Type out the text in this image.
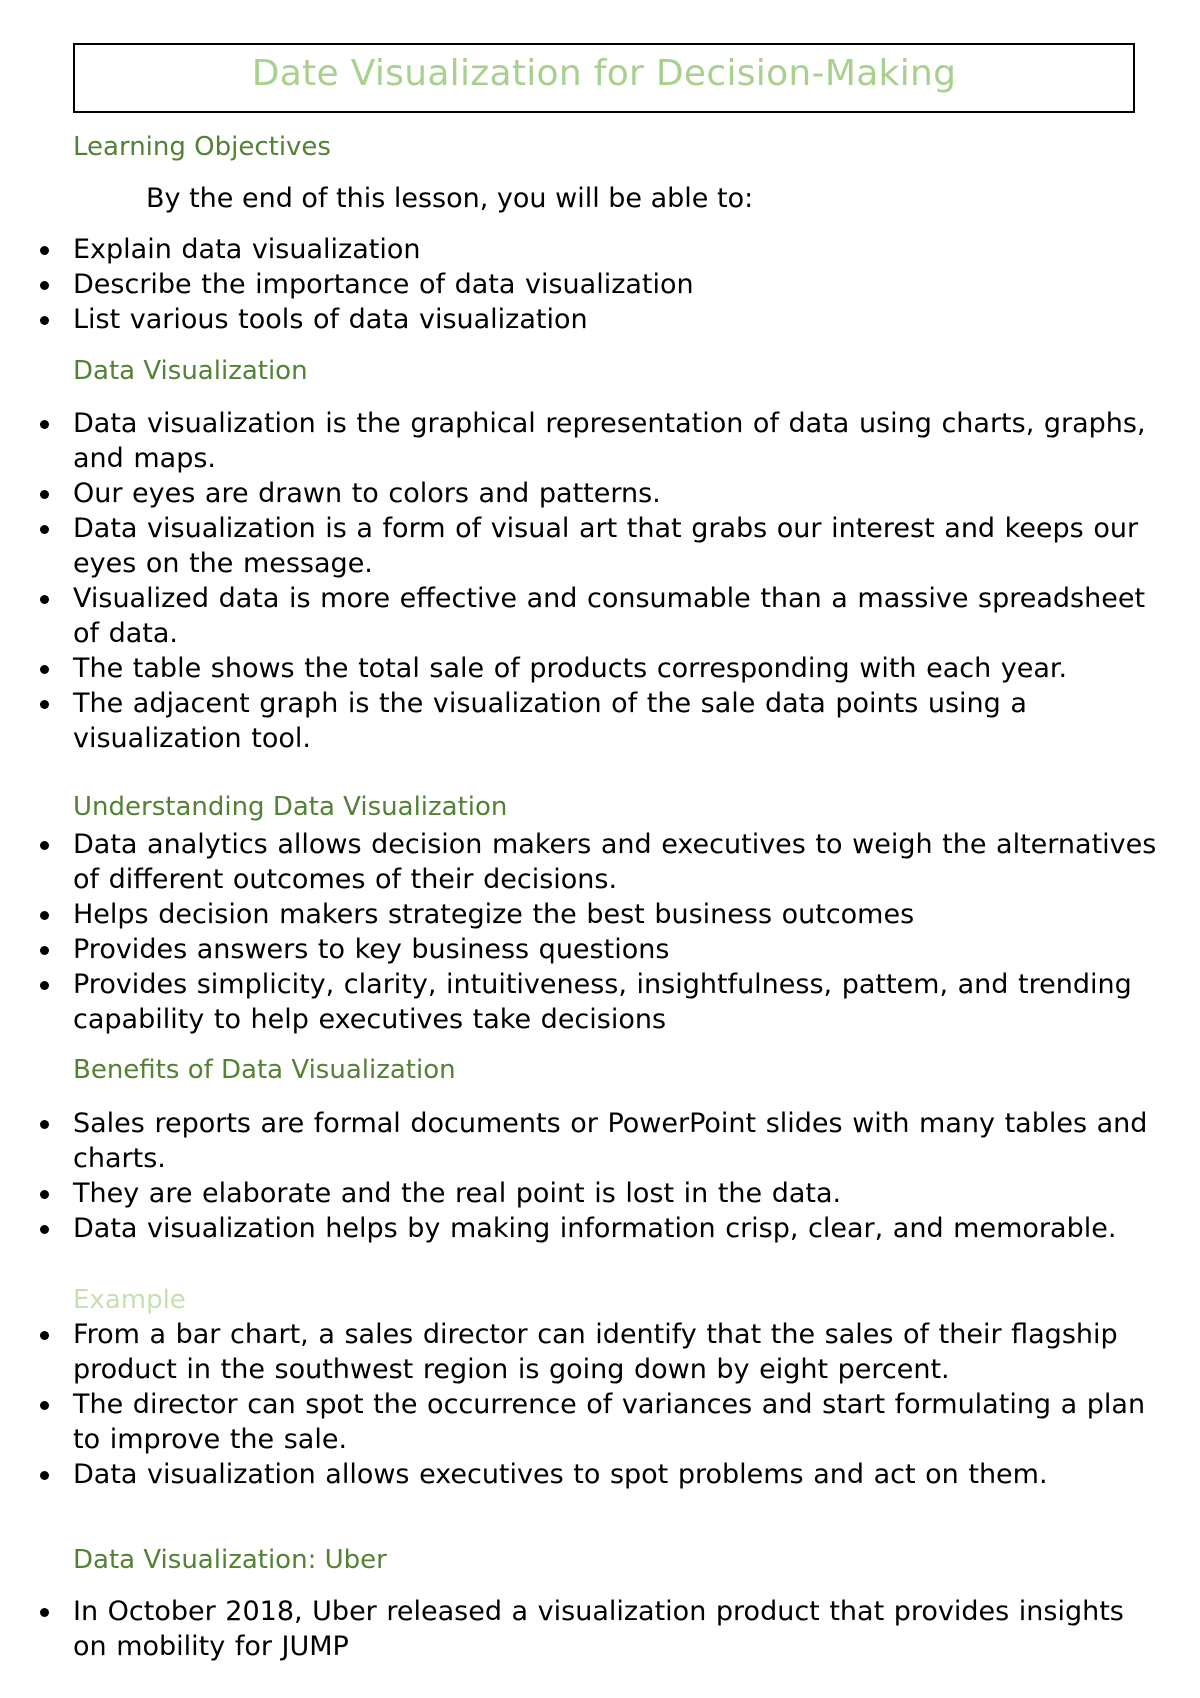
Date Visualization for Decision-Making
Learning Objectives

By the end of this lesson, you will be able to:

Explain data visualization
Describe the importance of data visualization
List various tools of data visualization
Data Visualization
Data visualization is the graphical representation of data using charts, graphs, and maps.
Our eyes are drawn to colors and patterns.
Data visualization is a form of visual art that grabs our interest and keeps our eyes on the message.
Visualized data is more effective and consumable than a massive spreadsheet of data.
The table shows the total sale of products corresponding with each year.
The adjacent graph is the visualization of the sale data points using a visualization tool.
Understanding Data Visualization
Data analytics allows decision makers and executives to weigh the alternatives of different outcomes of their decisions.
Helps decision makers strategize the best business outcomes
Provides answers to key business questions
Provides simplicity, clarity, intuitiveness, insightfulness, pattem, and trending capability to help executives take decisions
Benefits of Data Visualization
Sales reports are formal documents or PowerPoint slides with many tables and charts.
They are elaborate and the real point is lost in the data.
Data visualization helps by making information crisp, clear, and memorable.
Example
From a bar chart, a sales director can identify that the sales of their flagship product in the southwest region is going down by eight percent.
The director can spot the occurrence of variances and start formulating a plan to improve the sale.
Data visualization allows executives to spot problems and act on them.
Data Visualization: Uber
In October 2018, Uber released a visualization product that provides insights on mobility for JUMP
